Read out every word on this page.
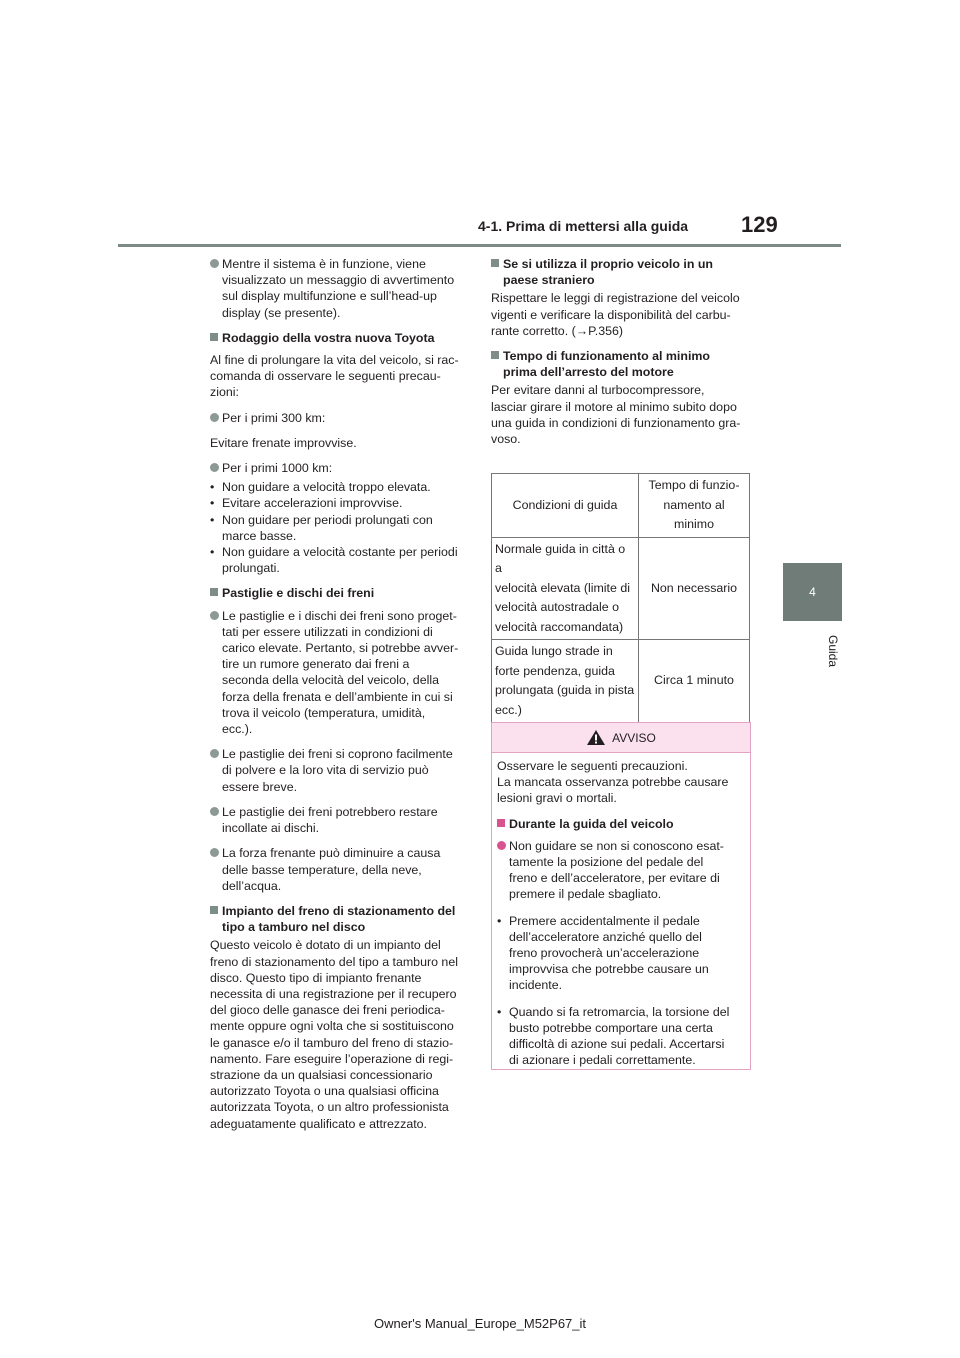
4-1. Prima di mettersi alla guida 129
4
Guida
Mentre il sistema è in funzione, viene
visualizzato un messaggio di avvertimento
sul display multifunzione e sull’head-up
display (se presente).
Rodaggio della vostra nuova Toyota
Al fine di prolungare la vita del veicolo, si rac-
comanda di osservare le seguenti precau-
zioni:
Per i primi 300 km:
Evitare frenate improvvise.
Per i primi 1000 km:
• Non guidare a velocità troppo elevata.
• Evitare accelerazioni improvvise.
• Non guidare per periodi prolungati con
marce basse.
• Non guidare a velocità costante per periodi
prolungati.
Pastiglie e dischi dei freni
Le pastiglie e i dischi dei freni sono proget-
tati per essere utilizzati in condizioni di
carico elevate. Pertanto, si potrebbe avver-
tire un rumore generato dai freni a
seconda della velocità del veicolo, della
forza della frenata e dell’ambiente in cui si
trova il veicolo (temperatura, umidità,
ecc.).
Le pastiglie dei freni si coprono facilmente
di polvere e la loro vita di servizio può
essere breve.
Le pastiglie dei freni potrebbero restare
incollate ai dischi.
La forza frenante può diminuire a causa
delle basse temperature, della neve,
dell’acqua.
Impianto del freno di stazionamento del
tipo a tamburo nel disco
Questo veicolo è dotato di un impianto del
freno di stazionamento del tipo a tamburo nel
disco. Questo tipo di impianto frenante
necessita di una registrazione per il recupero
del gioco delle ganasce dei freni periodica-
mente oppure ogni volta che si sostituiscono
le ganasce e/o il tamburo del freno di stazio-
namento. Fare eseguire l’operazione di regi-
strazione da un qualsiasi concessionario
autorizzato Toyota o una qualsiasi officina
autorizzata Toyota, o un altro professionista
adeguatamente qualificato e attrezzato.
Se si utilizza il proprio veicolo in un
paese straniero
Rispettare le leggi di registrazione del veicolo
vigenti e verificare la disponibilità del carbu-
rante corretto. (→P.356)
Tempo di funzionamento al minimo
prima dell’arresto del motore
Per evitare danni al turbocompressore,
lasciar girare il motore al minimo subito dopo
una guida in condizioni di funzionamento gra-
voso.
Condizioni di guida	Tempo di funzio-
namento al
minimo

Normale guida in città o a
velocità elevata (limite di
velocità autostradale o
velocità raccomandata)	Non necessario

Guida lungo strade in
forte pendenza, guida
prolungata (guida in pista
ecc.)	Circa 1 minuto
AVVISO
Osservare le seguenti precauzioni.
La mancata osservanza potrebbe causare
lesioni gravi o mortali.
Durante la guida del veicolo
Non guidare se non si conoscono esat-
tamente la posizione del pedale del
freno e dell’acceleratore, per evitare di
premere il pedale sbagliato.
• Premere accidentalmente il pedale
dell’acceleratore anziché quello del
freno provocherà un’accelerazione
improvvisa che potrebbe causare un
incidente.
• Quando si fa retromarcia, la torsione del
busto potrebbe comportare una certa
difficoltà di azione sui pedali. Accertarsi
di azionare i pedali correttamente.
Owner's Manual_Europe_M52P67_it
